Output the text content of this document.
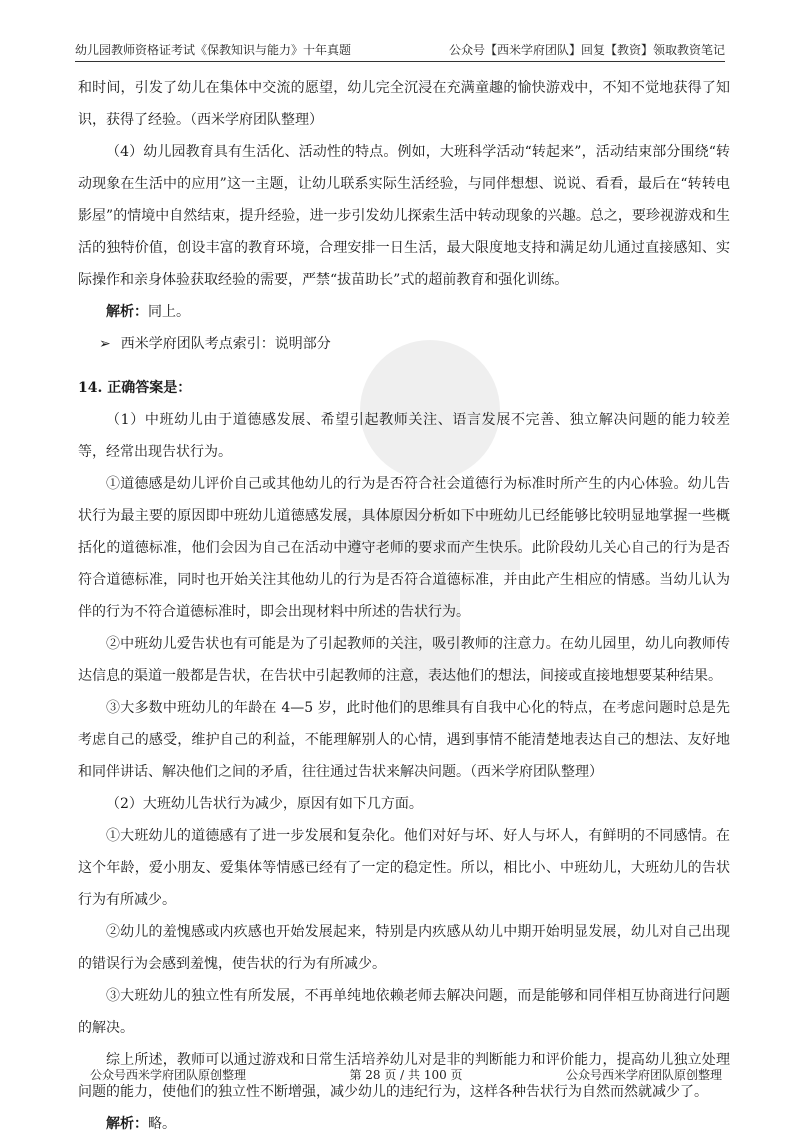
幼儿园教师资格证考试《保教知识与能力》十年真题	公众号【西米学府团队】回复【教资】领取教资笔记

和时间，引发了幼儿在集体中交流的愿望，幼儿完全沉浸在充满童趣的愉快游戏中，不知不觉地获得了知识，获得了经验。（西米学府团队整理）

（4）幼儿园教育具有生活化、活动性的特点。例如，大班科学活动“转起来”，活动结束部分围绕“转动现象在生活中的应用”这一主题，让幼儿联系实际生活经验，与同伴想想、说说、看看，最后在“转转电影屋”的情境中自然结束，提升经验，进一步引发幼儿探索生活中转动现象的兴趣。总之，要珍视游戏和生活的独特价值，创设丰富的教育环境，合理安排一日生活，最大限度地支持和满足幼儿通过直接感知、实际操作和亲身体验获取经验的需要，严禁“拔苗助长”式的超前教育和强化训练。

解析：同上。

➢ 西米学府团队考点索引：说明部分

14. 正确答案是：

（1）中班幼儿由于道德感发展、希望引起教师关注、语言发展不完善、独立解决问题的能力较差等，经常出现告状行为。

①道德感是幼儿评价自己或其他幼儿的行为是否符合社会道德行为标准时所产生的内心体验。幼儿告状行为最主要的原因即中班幼儿道德感发展，具体原因分析如下中班幼儿已经能够比较明显地掌握一些概括化的道德标准，他们会因为自己在活动中遵守老师的要求而产生快乐。此阶段幼儿关心自己的行为是否符合道德标准，同时也开始关注其他幼儿的行为是否符合道德标准，并由此产生相应的情感。当幼儿认为伴的行为不符合道德标准时，即会出现材料中所述的告状行为。

②中班幼儿爱告状也有可能是为了引起教师的关注，吸引教师的注意力。在幼儿园里，幼儿向教师传达信息的渠道一般都是告状，在告状中引起教师的注意，表达他们的想法，间接或直接地想要某种结果。

③大多数中班幼儿的年龄在 4—5 岁，此时他们的思维具有自我中心化的特点，在考虑问题时总是先考虑自己的感受，维护自己的利益，不能理解别人的心情，遇到事情不能清楚地表达自己的想法、友好地和同伴讲话、解决他们之间的矛盾，往往通过告状来解决问题。（西米学府团队整理）

（2）大班幼儿告状行为减少，原因有如下几方面。

①大班幼儿的道德感有了进一步发展和复杂化。他们对好与坏、好人与坏人，有鲜明的不同感情。在这个年龄，爱小朋友、爱集体等情感已经有了一定的稳定性。所以，相比小、中班幼儿，大班幼儿的告状行为有所减少。

②幼儿的羞愧感或内疚感也开始发展起来，特别是内疚感从幼儿中期开始明显发展，幼儿对自己出现的错误行为会感到羞愧，使告状的行为有所减少。

③大班幼儿的独立性有所发展，不再单纯地依赖老师去解决问题，而是能够和同伴相互协商进行问题的解决。

综上所述，教师可以通过游戏和日常生活培养幼儿对是非的判断能力和评价能力，提高幼儿独立处理问题的能力，使他们的独立性不断增强，减少幼儿的违纪行为，这样各种告状行为自然而然就减少了。

解析：略。

公众号西米学府团队原创整理	第 28 页 / 共 100 页	公众号西米学府团队原创整理
